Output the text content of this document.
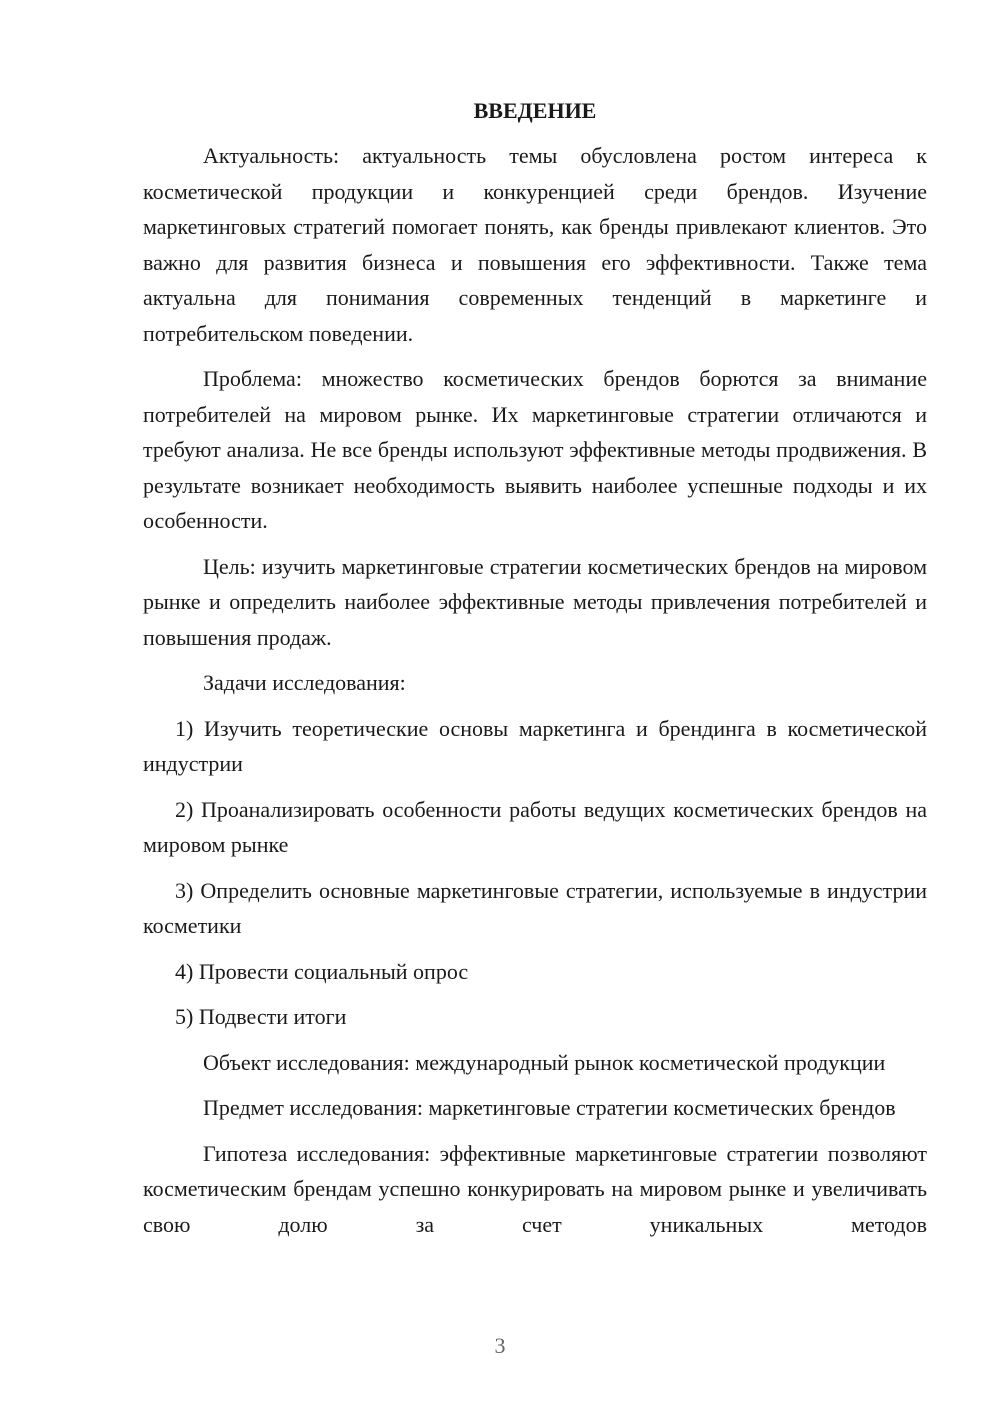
ВВЕДЕНИЕ

Актуальность: актуальность темы обусловлена ростом интереса к косметической продукции и конкуренцией среди брендов. Изучение маркетинговых стратегий помогает понять, как бренды привлекают клиентов. Это важно для развития бизнеса и повышения его эффективности. Также тема актуальна для понимания современных тенденций в маркетинге и потребительском поведении.

Проблема: множество косметических брендов борются за внимание потребителей на мировом рынке. Их маркетинговые стратегии отличаются и требуют анализа. Не все бренды используют эффективные методы продвижения. В результате возникает необходимость выявить наиболее успешные подходы и их особенности.

Цель: изучить маркетинговые стратегии косметических брендов на мировом рынке и определить наиболее эффективные методы привлечения потребителей и повышения продаж.

Задачи исследования:

1) Изучить теоретические основы маркетинга и брендинга в косметической индустрии

2) Проанализировать особенности работы ведущих косметических брендов на мировом рынке

3) Определить основные маркетинговые стратегии, используемые в индустрии косметики

4) Провести социальный опрос

5) Подвести итоги

Объект исследования: международный рынок косметической продукции

Предмет исследования: маркетинговые стратегии косметических брендов

Гипотеза исследования: эффективные маркетинговые стратегии позволяют косметическим брендам успешно конкурировать на мировом рынке и увеличивать свою долю за счет уникальных методов

3
